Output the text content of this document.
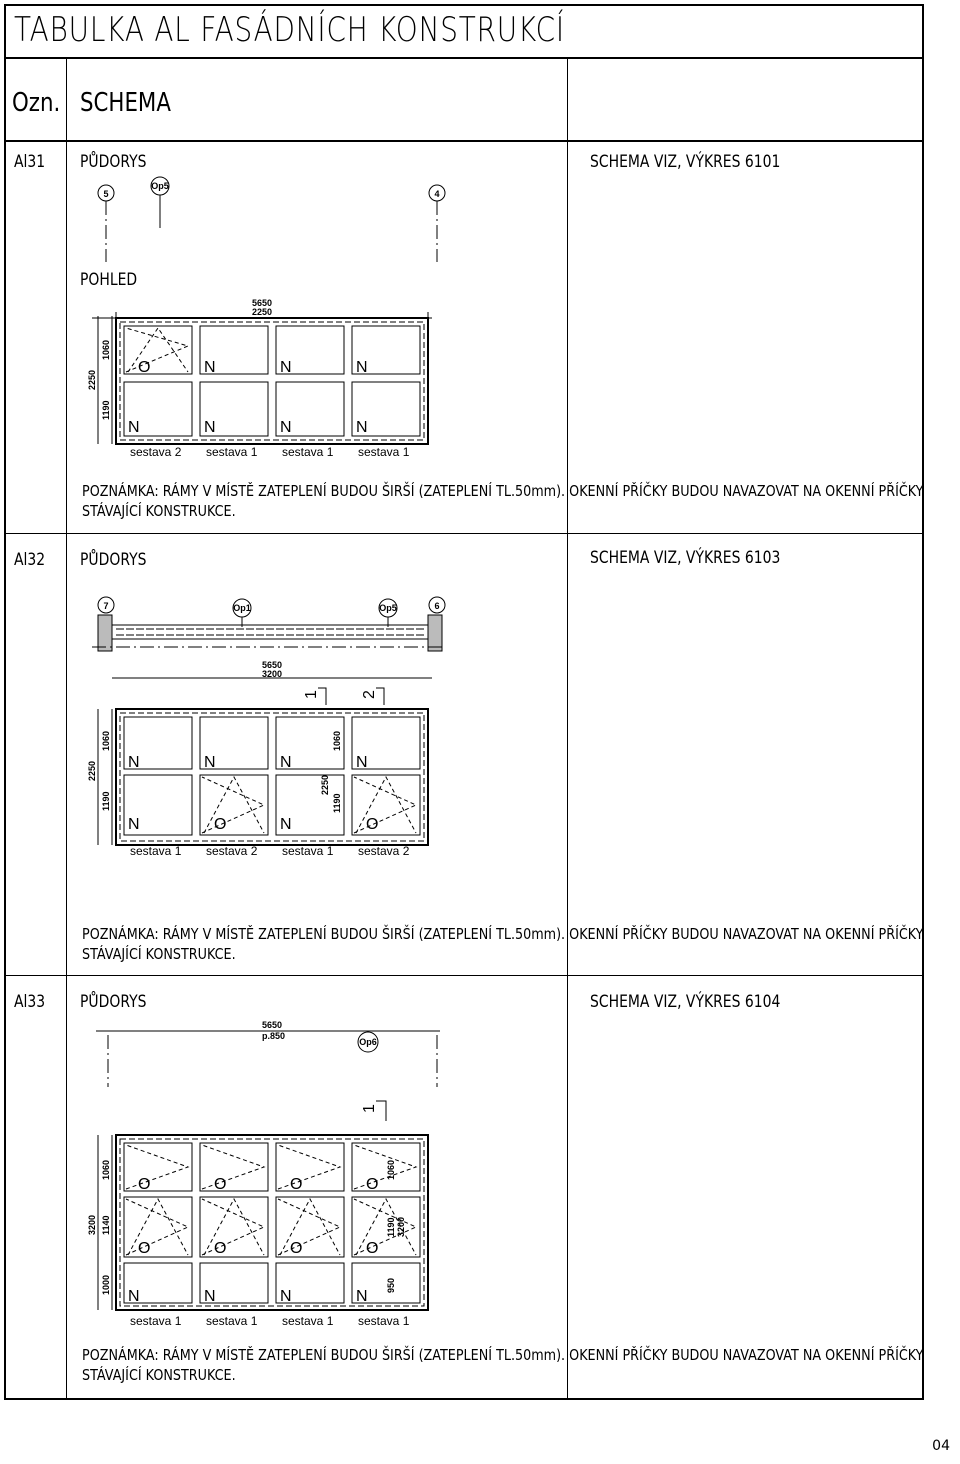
TABULKA AL FASÁDNÍCH KONSTRUKCÍ
Ozn. SCHEMA
Al31 PŮDORYS	SCHEMA VIZ, VÝKRES 6101
POHLED
5
Op5
4
5650
2250
2250
1060
1190
O	N	N	N
N	N	N	N
sestava 2 sestava 1 sestava 1 sestava 1
POZNÁMKA: RÁMY V MÍSTĚ ZATEPLENÍ BUDOU ŠIRŠÍ (ZATEPLENÍ TL.50mm). OKENNÍ PŘÍČKY BUDOU NAVAZOVAT NA OKENNÍ PŘÍČKY
STÁVAJÍCÍ KONSTRUKCE.
Al32 PŮDORYS	SCHEMA VIZ, VÝKRES 6103
7	Op1	Op5	6
5650
3200
1	2
2250
1060
1190
2250
1060
1190
N	N	N	N
N	O	N	O
sestava 1 sestava 2 sestava 1 sestava 2
POZNÁMKA: RÁMY V MÍSTĚ ZATEPLENÍ BUDOU ŠIRŠÍ (ZATEPLENÍ TL.50mm). OKENNÍ PŘÍČKY BUDOU NAVAZOVAT NA OKENNÍ PŘÍČKY
STÁVAJÍCÍ KONSTRUKCE.
Al33 PŮDORYS	SCHEMA VIZ, VÝKRES 6104
5650
p.850
Op6
1
3200
1060
1140
1000
1060
1190 3200
950
O	O	O	O
O	O	O	O
N	N	N	N
sestava 1 sestava 1 sestava 1 sestava 1
POZNÁMKA: RÁMY V MÍSTĚ ZATEPLENÍ BUDOU ŠIRŠÍ (ZATEPLENÍ TL.50mm). OKENNÍ PŘÍČKY BUDOU NAVAZOVAT NA OKENNÍ PŘÍČKY
STÁVAJÍCÍ KONSTRUKCE.
04
